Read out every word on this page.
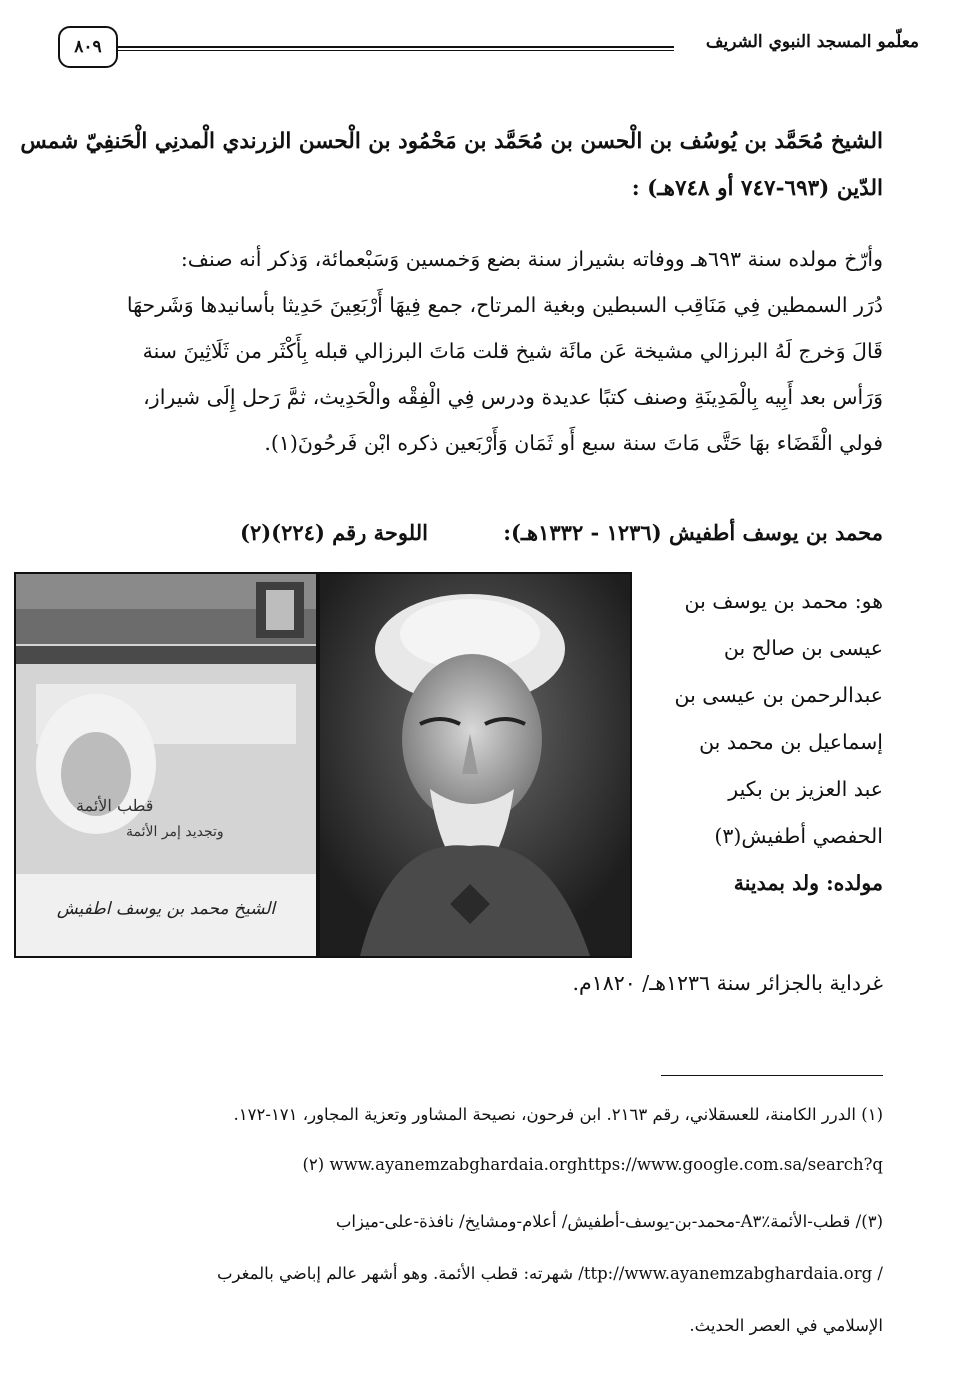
معلّمو المسجد النبوي الشريف
٨٠٩
الشيخ مُحَمَّد بن يُوسُف بن الْحسن بن مُحَمَّد بن مَحْمُود بن الْحسن الزرندي الْمدنِي الْحَنفِيّ شمس
الدّين (٦٩٣-٧٤٧ أو ٧٤٨هـ) :
وأرّخ مولده سنة ٦٩٣هـ ووفاته بشيراز سنة بضع وَخمسين وَسَبْعمائة، وَذكر أنه صنف:
دُرَر السمطين فِي مَنَاقِب السبطين وبغية المرتاح، جمع فِيهَا أَرْبَعِينَ حَدِيثا بأسانيدها وَشَرحهَا
قَالَ وَخرج لَهُ البرزالي مشيخة عَن مائَة شيخ قلت مَاتَ البرزالي قبله بِأَكْثَر من ثَلَاثِينَ سنة
وَرَأس بعد أَبِيه بِالْمَدِينَةِ وصنف كتبًا عديدة ودرس فِي الْفِقْه والْحَدِيث، ثمَّ رَحل إِلَى شيراز،
فولي الْقَضَاء بهَا حَتَّى مَاتَ سنة سبع أَو ثَمَان وَأَرْبَعين ذكره ابْن فَرحُونَ(١).
محمد بن يوسف أطفيش (١٢٣٦ - ١٣٣٢هـ):
اللوحة رقم (٢٢٤)(٢)
قطب الأئمة
وتجديد إمر الأئمة
الشيخ محمد بن يوسف اطفيش
هو: محمد بن يوسف بن
عيسى بن صالح بن
عبدالرحمن بن عيسى بن
إسماعيل بن محمد بن
عبد العزيز بن بكير
الحفصي أطفيش(٣)
مولده: ولد بمدينة
غرداية بالجزائر سنة ١٢٣٦هـ/ ١٨٢٠م.
(١) الدرر الكامنة، للعسقلاني، رقم ٢١٦٣. ابن فرحون، نصيحة المشاور وتعزية المجاور، ١٧١-١٧٢.
www.ayanemzabghardaia.orghttps://www.google.com.sa/search?q (٢)
(٣)/ قطب-الأئمة٪A٣-محمد-بن-يوسف-أطفيش/ أعلام-ومشايخ/ نافذة-على-ميزاب
/ ttp://www.ayanemzabghardaia.org/ شهرته: قطب الأئمة. وهو أشهر عالم إباضي بالمغرب
الإسلامي في العصر الحديث.
